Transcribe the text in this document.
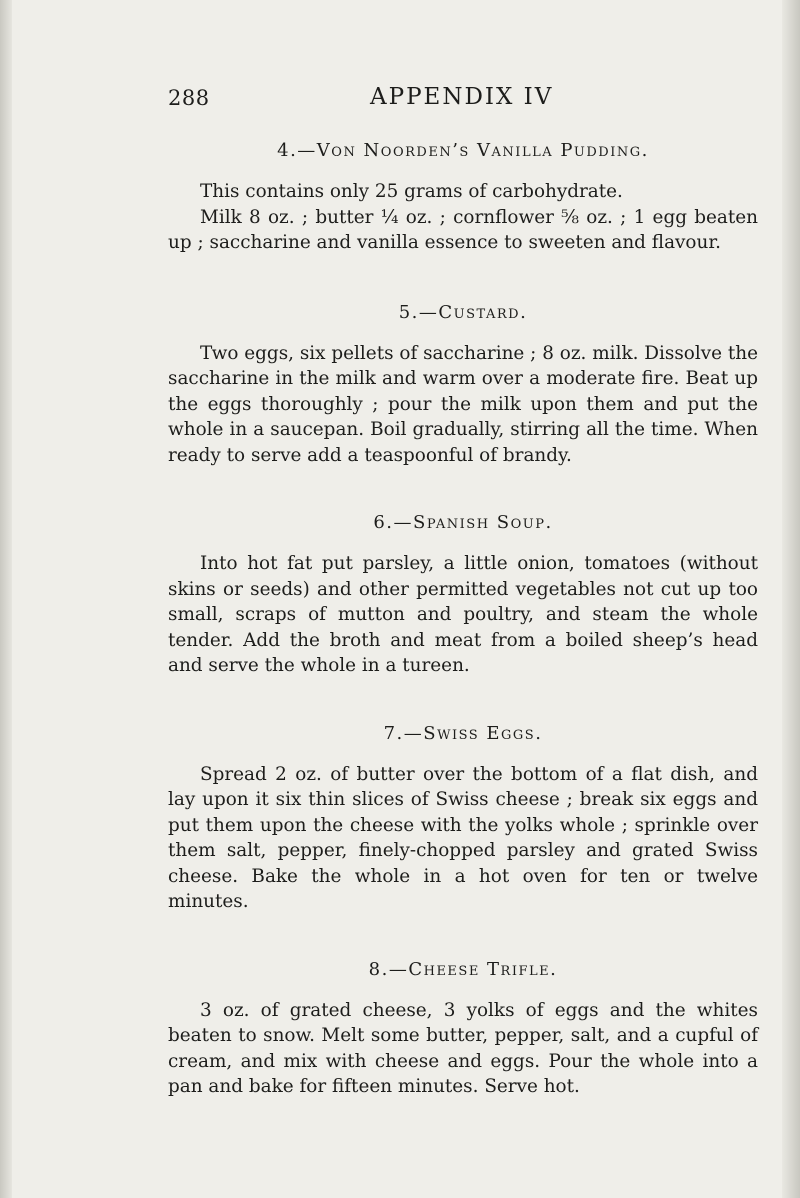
288	APPENDIX IV
4.—Von Noorden’s Vanilla Pudding.

This contains only 25 grams of carbohydrate.

Milk 8 oz. ; butter ¼ oz. ; cornflower ⅝ oz. ; 1 egg beaten up ; saccharine and vanilla essence to sweeten and flavour.

5.—Custard.

Two eggs, six pellets of saccharine ; 8 oz. milk. Dissolve the saccharine in the milk and warm over a moderate fire. Beat up the eggs thoroughly ; pour the milk upon them and put the whole in a saucepan. Boil gradually, stirring all the time. When ready to serve add a teaspoonful of brandy.

6.—Spanish Soup.

Into hot fat put parsley, a little onion, tomatoes (without skins or seeds) and other permitted vegetables not cut up too small, scraps of mutton and poultry, and steam the whole tender. Add the broth and meat from a boiled sheep’s head and serve the whole in a tureen.

7.—Swiss Eggs.

Spread 2 oz. of butter over the bottom of a flat dish, and lay upon it six thin slices of Swiss cheese ; break six eggs and put them upon the cheese with the yolks whole ; sprinkle over them salt, pepper, finely-chopped parsley and grated Swiss cheese. Bake the whole in a hot oven for ten or twelve minutes.

8.—Cheese Trifle.

3 oz. of grated cheese, 3 yolks of eggs and the whites beaten to snow. Melt some butter, pepper, salt, and a cupful of cream, and mix with cheese and eggs. Pour the whole into a pan and bake for fifteen minutes. Serve hot.
